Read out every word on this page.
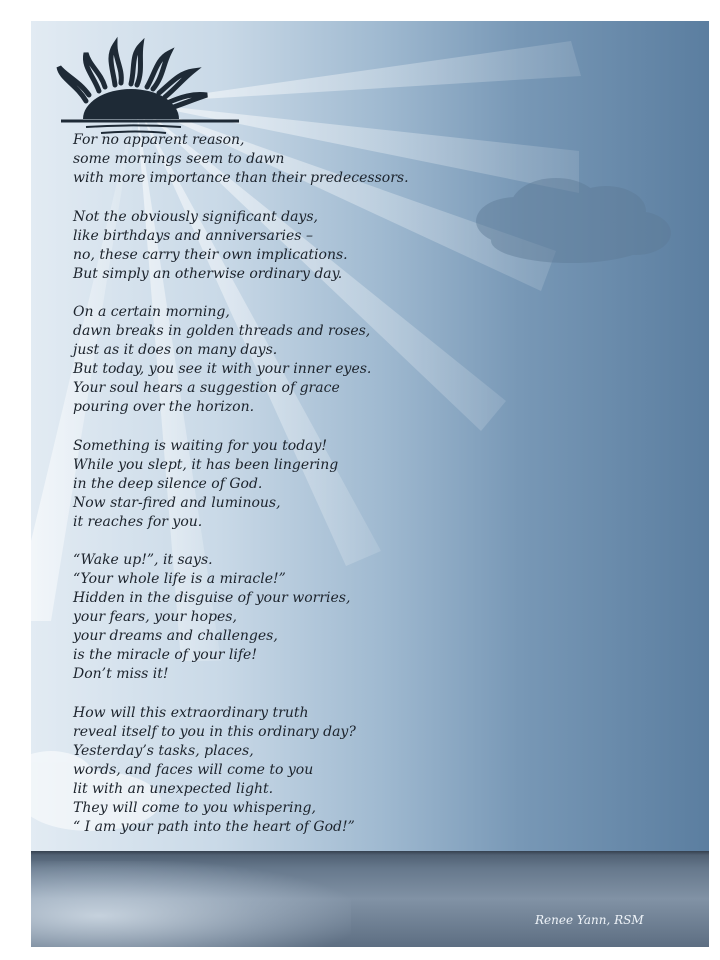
For no apparent reason,
some mornings seem to dawn
with more importance than their predecessors.
Not the obviously significant days,
like birthdays and anniversaries –
no, these carry their own implications.
But simply an otherwise ordinary day.
On a certain morning,
dawn breaks in golden threads and roses,
just as it does on many days.
But today, you see it with your inner eyes.
Your soul hears a suggestion of grace
pouring over the horizon.
Something is waiting for you today!
While you slept, it has been lingering
in the deep silence of God.
Now star-fired and luminous,
it reaches for you.
“Wake up!”, it says.
“Your whole life is a miracle!”
Hidden in the disguise of your worries,
your fears, your hopes,
your dreams and challenges,
is the miracle of your life!
Don’t miss it!
How will this extraordinary truth
reveal itself to you in this ordinary day?
Yesterday’s tasks, places,
words, and faces will come to you
lit with an unexpected light.
They will come to you whispering,
“ I am your path into the heart of God!”
Renee Yann, RSM
